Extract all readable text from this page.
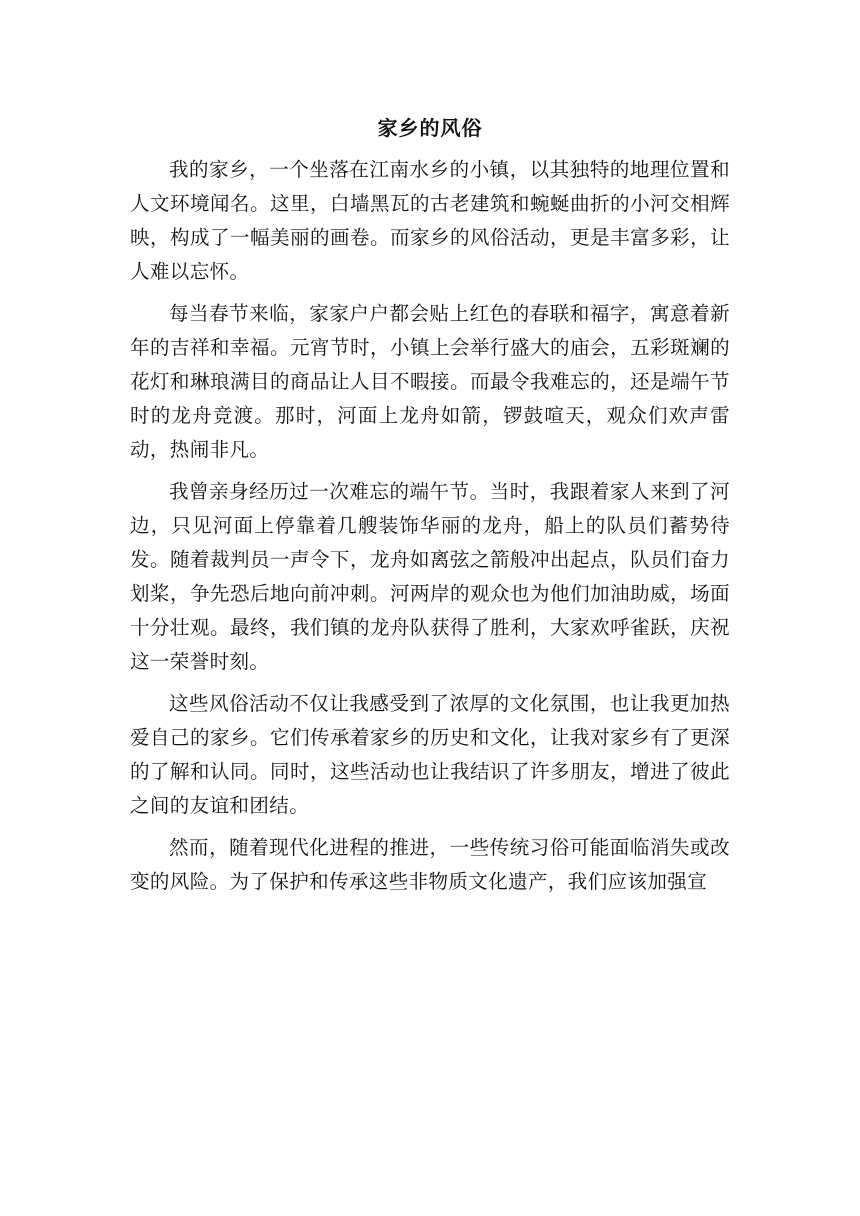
家乡的风俗

我的家乡，一个坐落在江南水乡的小镇，以其独特的地理位置和人文环境闻名。这里，白墙黑瓦的古老建筑和蜿蜒曲折的小河交相辉映，构成了一幅美丽的画卷。而家乡的风俗活动，更是丰富多彩，让人难以忘怀。

每当春节来临，家家户户都会贴上红色的春联和福字，寓意着新年的吉祥和幸福。元宵节时，小镇上会举行盛大的庙会，五彩斑斓的花灯和琳琅满目的商品让人目不暇接。而最令我难忘的，还是端午节时的龙舟竞渡。那时，河面上龙舟如箭，锣鼓喧天，观众们欢声雷动，热闹非凡。

我曾亲身经历过一次难忘的端午节。当时，我跟着家人来到了河边，只见河面上停靠着几艘装饰华丽的龙舟，船上的队员们蓄势待发。随着裁判员一声令下，龙舟如离弦之箭般冲出起点，队员们奋力划桨，争先恐后地向前冲刺。河两岸的观众也为他们加油助威，场面十分壮观。最终，我们镇的龙舟队获得了胜利，大家欢呼雀跃，庆祝这一荣誉时刻。

这些风俗活动不仅让我感受到了浓厚的文化氛围，也让我更加热爱自己的家乡。它们传承着家乡的历史和文化，让我对家乡有了更深的了解和认同。同时，这些活动也让我结识了许多朋友，增进了彼此之间的友谊和团结。

然而，随着现代化进程的推进，一些传统习俗可能面临消失或改变的风险。为了保护和传承这些非物质文化遗产，我们应该加强宣
